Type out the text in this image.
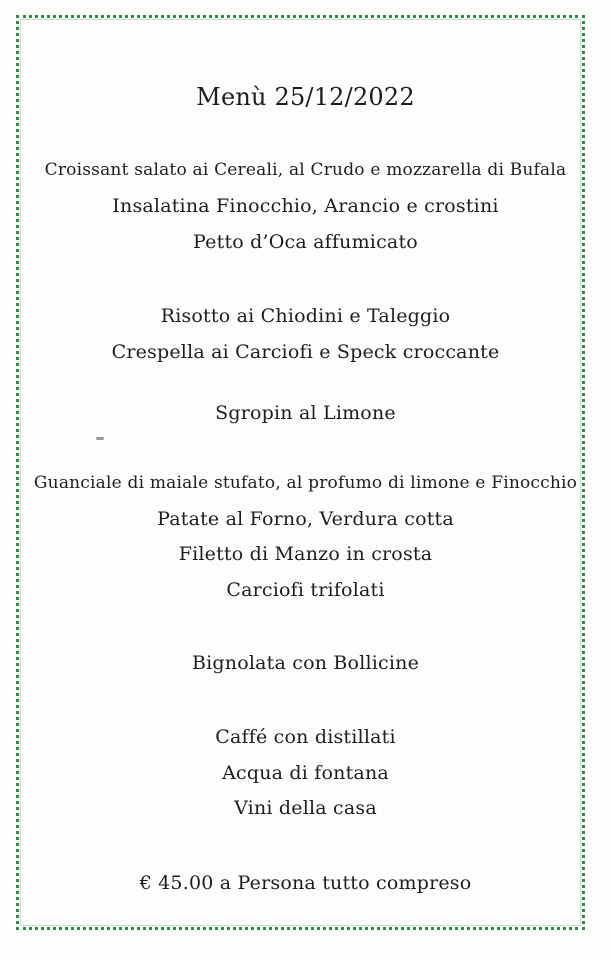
Menù 25/12/2022
Croissant salato ai Cereali, al Crudo e mozzarella di Bufala
Insalatina Finocchio, Arancio e crostini
Petto d’Oca affumicato
Risotto ai Chiodini e Taleggio
Crespella ai Carciofi e Speck croccante
Sgropin al Limone
Guanciale di maiale stufato, al profumo di limone e Finocchio
Patate al Forno, Verdura cotta
Filetto di Manzo in crosta
Carciofi trifolati
Bignolata con Bollicine
Caffé con distillati
Acqua di fontana
Vini della casa
€ 45.00 a Persona tutto compreso
